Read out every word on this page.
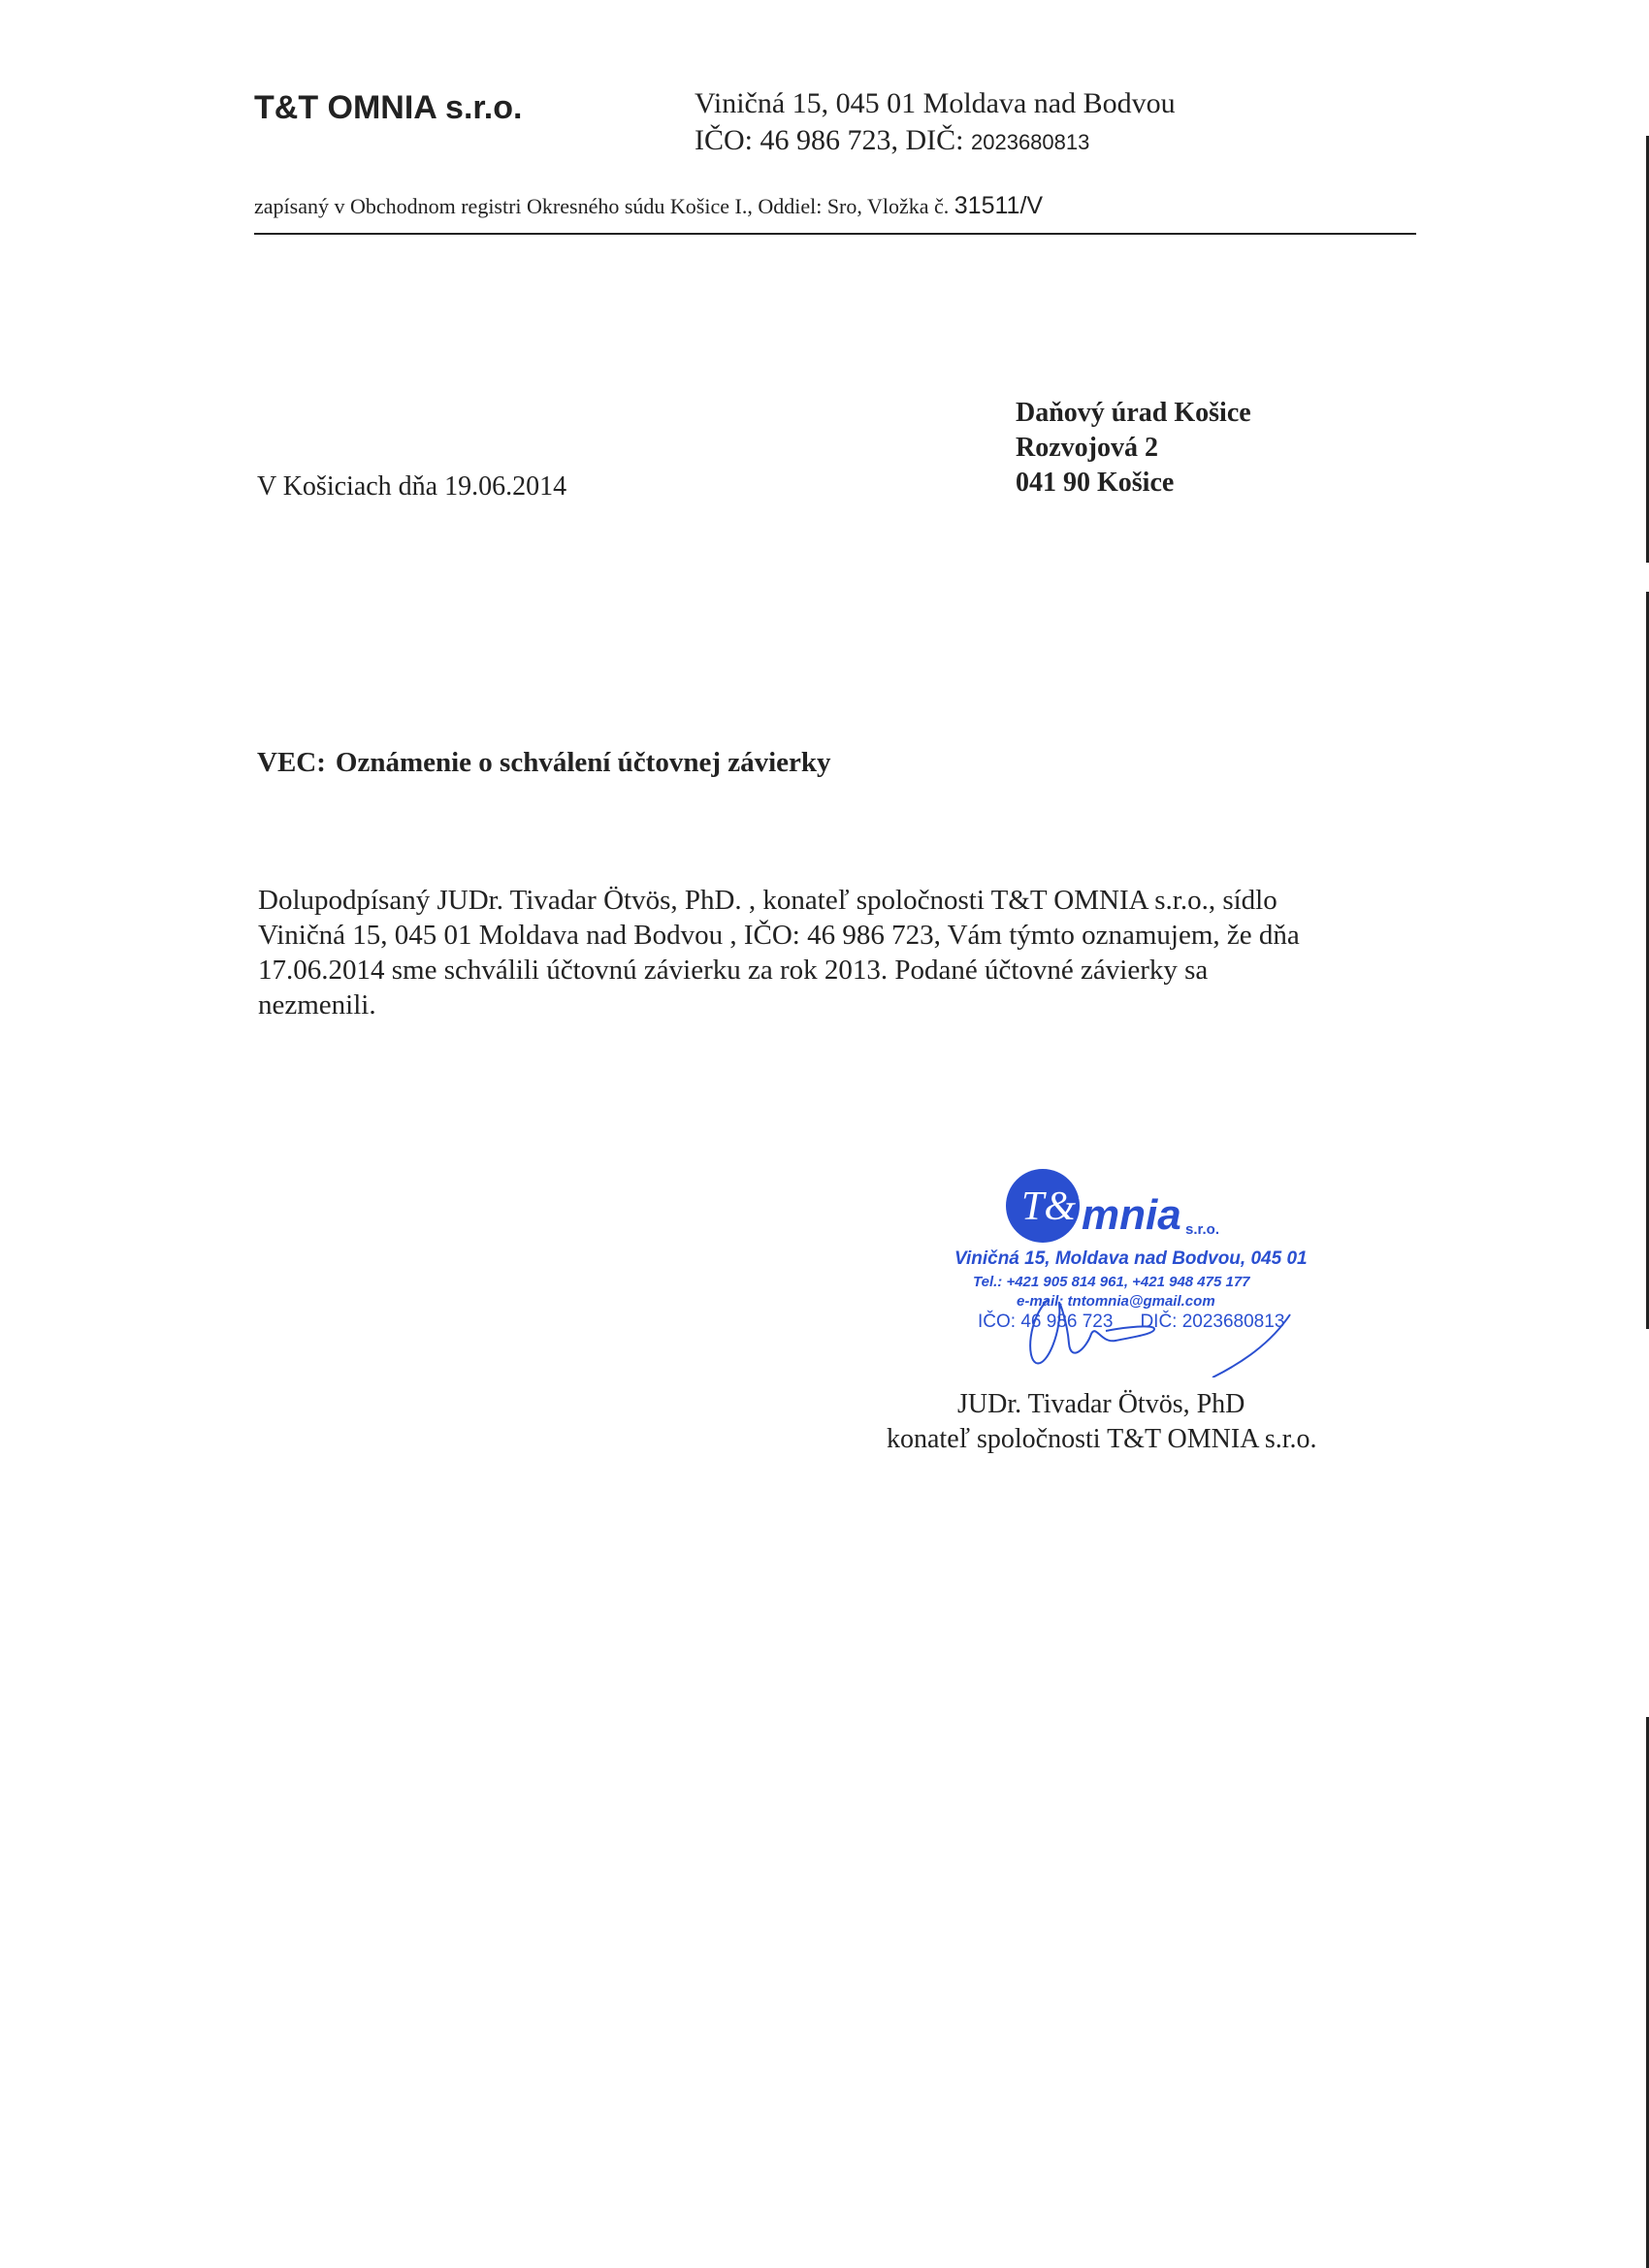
T&T OMNIA s.r.o.	Viničná 15, 045 01 Moldava nad Bodvou
IČO: 46 986 723, DIČ: 2023680813
zapísaný v Obchodnom registri Okresného súdu Košice I., Oddiel: Sro, Vložka č. 31511/V
Daňový úrad Košice
Rozvojová 2
041 90 Košice
V Košiciach dňa 19.06.2014
VEC: Oznámenie o schválení účtovnej závierky
Dolupodpísaný JUDr. Tivadar Ötvös, PhD. , konateľ spoločnosti T&T OMNIA s.r.o., sídlo
Viničná 15, 045 01 Moldava nad Bodvou , IČO: 46 986 723, Vám týmto oznamujem, že dňa
17.06.2014 sme schválili účtovnú závierku za rok 2013. Podané účtovné závierky sa
nezmenili.
T&T
mnia s.r.o.
Viničná 15, Moldava nad Bodvou, 045 01
Tel.: +421 905 814 961, +421 948 475 177
e-mail: tntomnia@gmail.com
IČO: 46 986 723 DIČ: 2023680813
JUDr. Tivadar Ötvös, PhD
konateľ spoločnosti T&T OMNIA s.r.o.
